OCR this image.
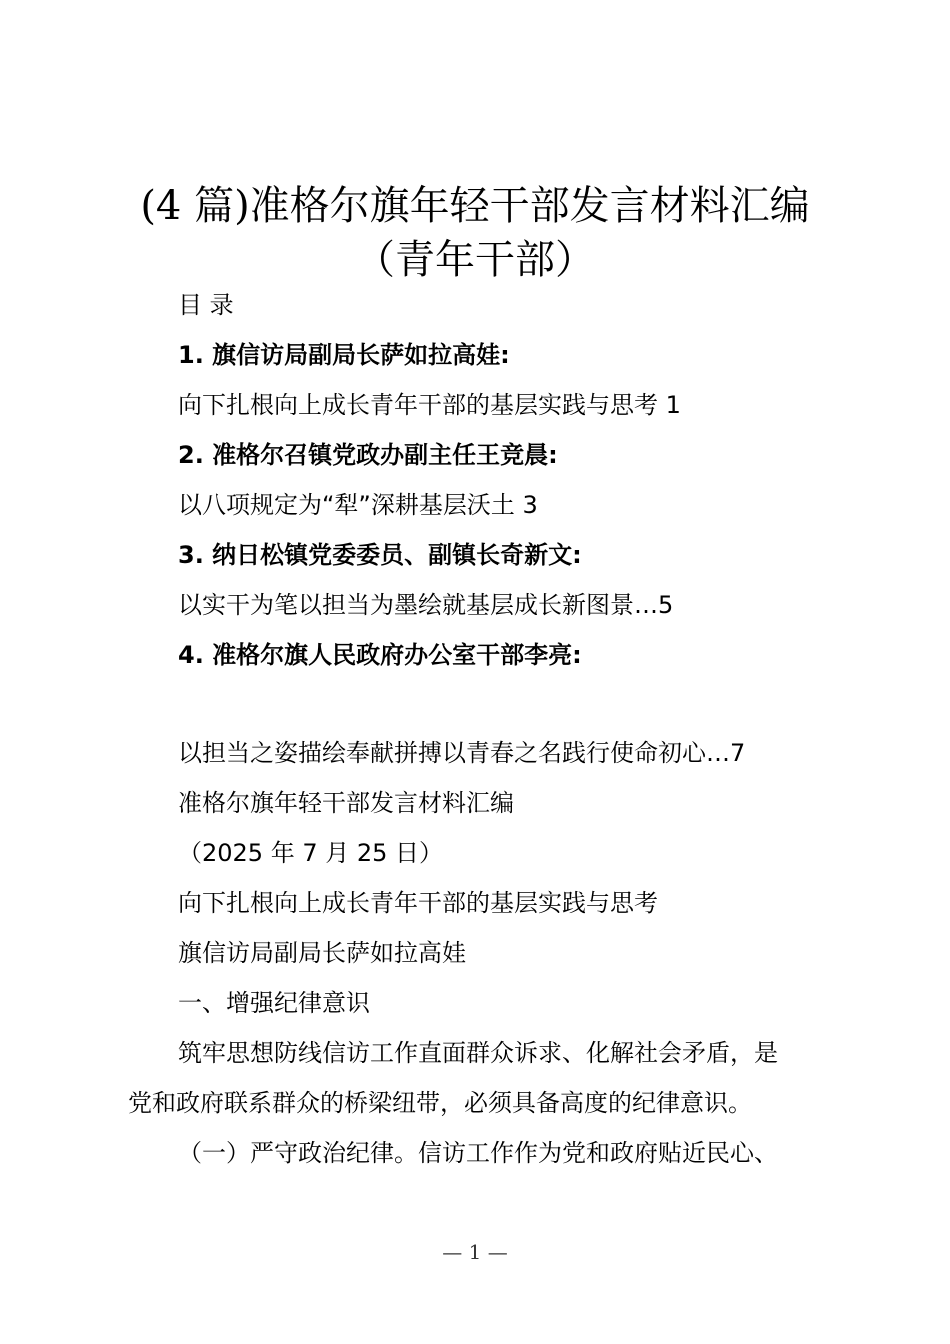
(4 篇)准格尔旗年轻干部发言材料汇编
（青年干部）
目 录
1. 旗信访局副局长萨如拉高娃:
向下扎根向上成长青年干部的基层实践与思考 1
2. 准格尔召镇党政办副主任王竞晨:
以八项规定为“犁”深耕基层沃土 3
3. 纳日松镇党委委员、副镇长奇新文:
以实干为笔以担当为墨绘就基层成长新图景…5
4. 准格尔旗人民政府办公室干部李亮:
以担当之姿描绘奉献拼搏以青春之名践行使命初心…7
准格尔旗年轻干部发言材料汇编
（2025 年 7 月 25 日）
向下扎根向上成长青年干部的基层实践与思考
旗信访局副局长萨如拉高娃
一、增强纪律意识
筑牢思想防线信访工作直面群众诉求、化解社会矛盾，是
党和政府联系群众的桥梁纽带，必须具备高度的纪律意识。
（一）严守政治纪律。信访工作作为党和政府贴近民心、
— 1 —
